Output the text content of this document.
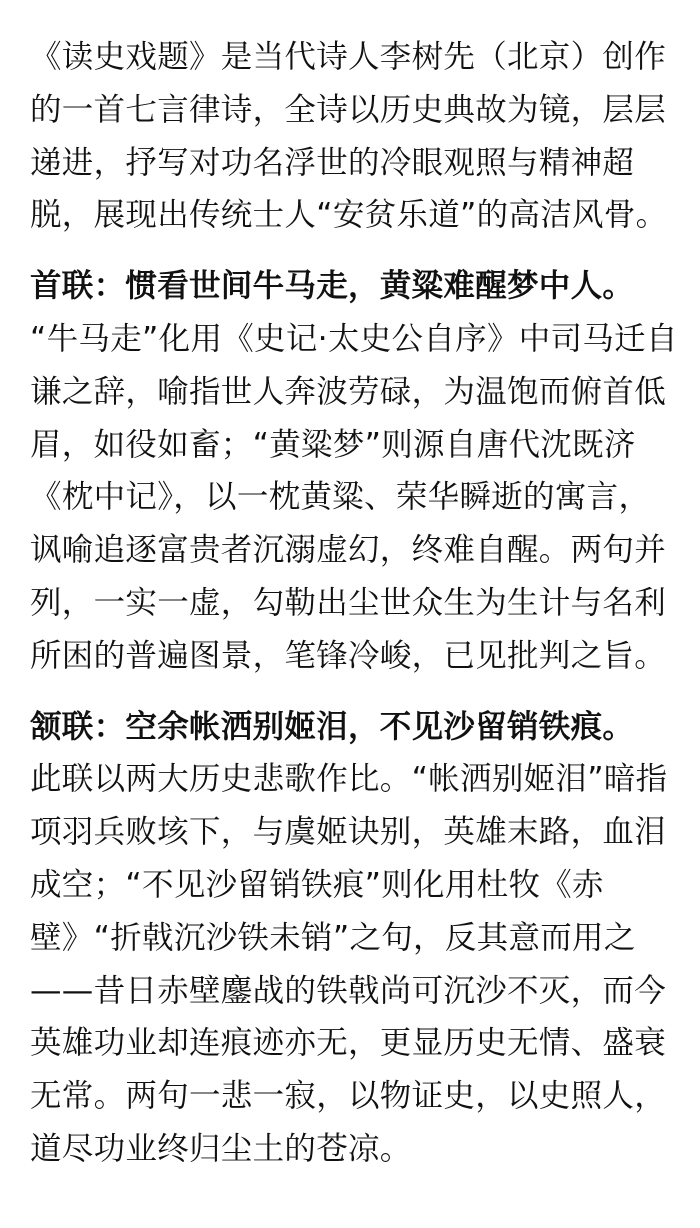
《读史戏题》是当代诗人李树先（北京）创作
的一首七言律诗，全诗以历史典故为镜，层层
递进，抒写对功名浮世的冷眼观照与精神超
脱，展现出传统士人“安贫乐道”的高洁风骨。
首联：惯看世间牛马走，黄粱难醒梦中人。
“牛马走”化用《史记·太史公自序》中司马迁自
谦之辞，喻指世人奔波劳碌，为温饱而俯首低
眉，如役如畜；“黄粱梦”则源自唐代沈既济
《枕中记》，以一枕黄粱、荣华瞬逝的寓言，
讽喻追逐富贵者沉溺虚幻，终难自醒。两句并
列，一实一虚，勾勒出尘世众生为生计与名利
所困的普遍图景，笔锋冷峻，已见批判之旨。
颔联：空余帐洒别姬泪，不见沙留销铁痕。
此联以两大历史悲歌作比。“帐洒别姬泪”暗指
项羽兵败垓下，与虞姬诀别，英雄末路，血泪
成空；“不见沙留销铁痕”则化用杜牧《赤
壁》“折戟沉沙铁未销”之句，反其意而用之
——昔日赤壁鏖战的铁戟尚可沉沙不灭，而今
英雄功业却连痕迹亦无，更显历史无情、盛衰
无常。两句一悲一寂，以物证史，以史照人，
道尽功业终归尘土的苍凉。
